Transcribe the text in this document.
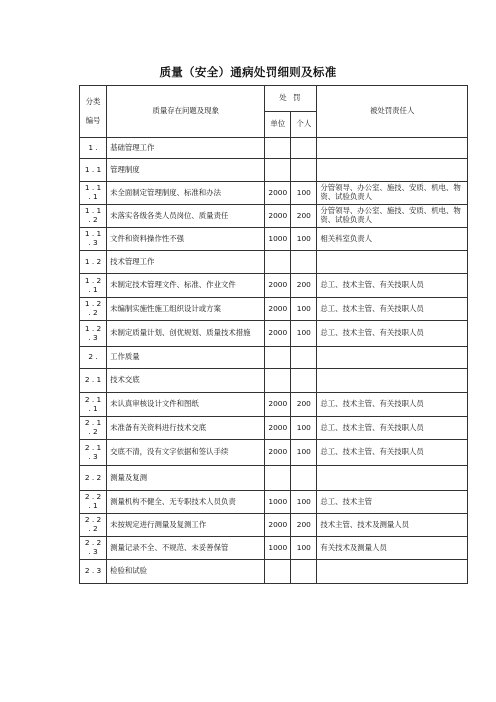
质量（安全）通病处罚细则及标准
分类
编号	质量存在问题及现象	处 罚		被处罚责任人
		单位	个人	
1 .	基础管理工作			
1 . 1	管理制度			
1 . 1 . 1	未全面制定管理制度、标准和办法	2000	100	分管领导、办公室、施技、安质、机电、物资、试验负责人
1 . 1 . 2	未落实各级各类人员岗位、质量责任	2000	200	分管领导、办公室、施技、安质、机电、物资、试验负责人
1 . 1 . 3	文件和资料操作性不强	1000	100	相关科室负责人
1 . 2	技术管理工作			
1 . 2 . 1	未制定技术管理文件、标准、作业文件	2000	200	总工、技术主管、有关技职人员
1 . 2 . 2	未编制实施性施工组织设计或方案	2000	100	总工、技术主管、有关技职人员
1 . 2 . 3	未制定质量计划、创优规划、质量技术措施	2000	100	总工、技术主管、有关技职人员
2 .	工作质量			
2 . 1	技术交底			
2 . 1 . 1	未认真审核设计文件和图纸	2000	200	总工、技术主管、有关技职人员
2 . 1 . 2	未准备有关资料进行技术交底	2000	100	总工、技术主管、有关技职人员
2 . 1 . 3	交底不清，没有文字依据和签认手续	2000	100	总工、技术主管、有关技职人员
2 . 2	测量及复测			
2 . 2 . 1	测量机构不健全、无专职技术人员负责	1000	100	总工、技术主管
2 . 2 . 2	未按规定进行测量及复测工作	2000	200	技术主管、技术及测量人员
2 . 2 . 3	测量记录不全、不规范、未妥善保管	1000	100	有关技术及测量人员
2 . 3	检验和试验			
